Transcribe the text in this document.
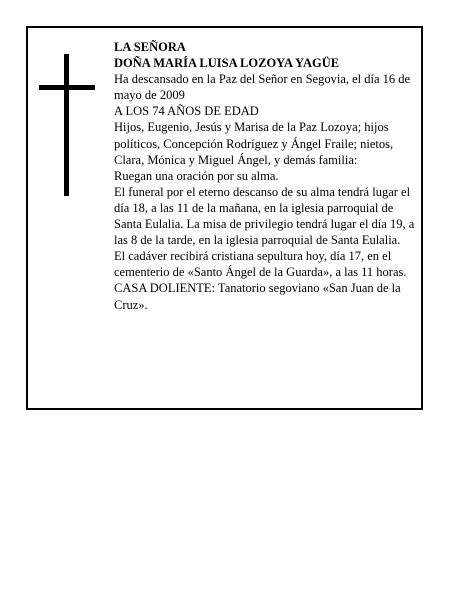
LA SEÑORA

DOÑA MARÍA LUISA LOZOYA YAGÜE

Ha descansado en la Paz del Señor en Segovia, el día 16 de mayo de 2009

A LOS 74 AÑOS DE EDAD

Hijos, Eugenio, Jesús y Marisa de la Paz Lozoya; hijos políticos, Concepción Rodríguez y Ángel Fraile; nietos, Clara, Mónica y Miguel Ángel, y demás familia:

Ruegan una oración por su alma.

El funeral por el eterno descanso de su alma tendrá lugar el día 18, a las 11 de la mañana, en la iglesia parroquial de Santa Eulalia. La misa de privilegio tendrá lugar el día 19, a las 8 de la tarde, en la iglesia parroquial de Santa Eulalia.

El cadáver recibirá cristiana sepultura hoy, día 17, en el cementerio de «Santo Ángel de la Guarda», a las 11 horas.

CASA DOLIENTE: Tanatorio segoviano «San Juan de la Cruz».
